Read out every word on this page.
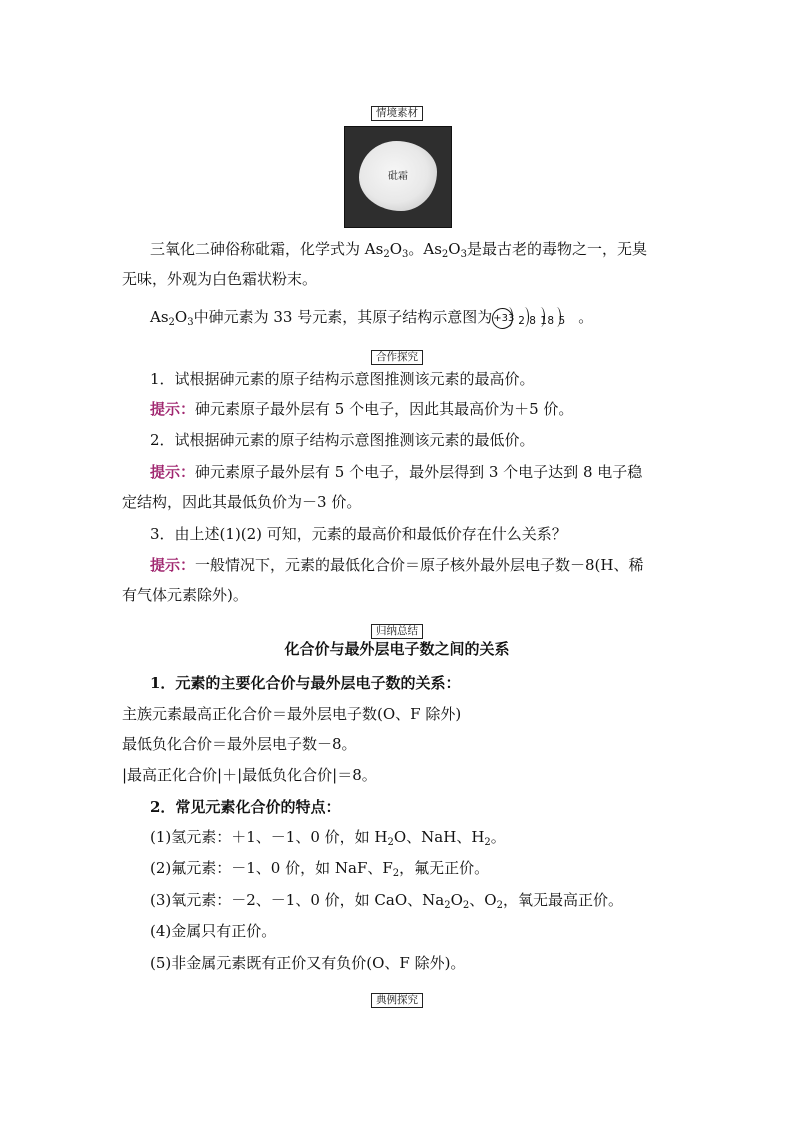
情境素材
砒霜
三氧化二砷俗称砒霜，化学式为 $As_2O_3$。$As_2O_3$是最古老的毒物之一，无臭
无味，外观为白色霜状粉末。
$As_2O_3$中砷元素为 33 号元素，其原子结构示意图为 +33 2 8 18 5 。
合作探究
1．试根据砷元素的原子结构示意图推测该元素的最高价。
提示：砷元素原子最外层有 5 个电子，因此其最高价为＋5 价。
2．试根据砷元素的原子结构示意图推测该元素的最低价。
提示：砷元素原子最外层有 5 个电子，最外层得到 3 个电子达到 8 电子稳
定结构，因此其最低负价为－3 价。
3．由上述(1)(2) 可知，元素的最高价和最低价存在什么关系？
提示：一般情况下，元素的最低化合价＝原子核外最外层电子数－8(H、稀
有气体元素除外)。
归纳总结
化合价与最外层电子数之间的关系
1．元素的主要化合价与最外层电子数的关系：
主族元素最高正化合价＝最外层电子数(O、F 除外)
最低负化合价＝最外层电子数－8。
|最高正化合价|＋|最低负化合价|＝8。
2．常见元素化合价的特点：
(1)氢元素：＋1、－1、0 价，如 $H_2O$、NaH、$H_2$。
(2)氟元素：－1、0 价，如 NaF、$F_2$，氟无正价。
(3)氧元素：－2、－1、0 价，如 CaO、$Na_2O_2$、$O_2$，氧无最高正价。
(4)金属只有正价。
(5)非金属元素既有正价又有负价(O、F 除外)。
典例探究
